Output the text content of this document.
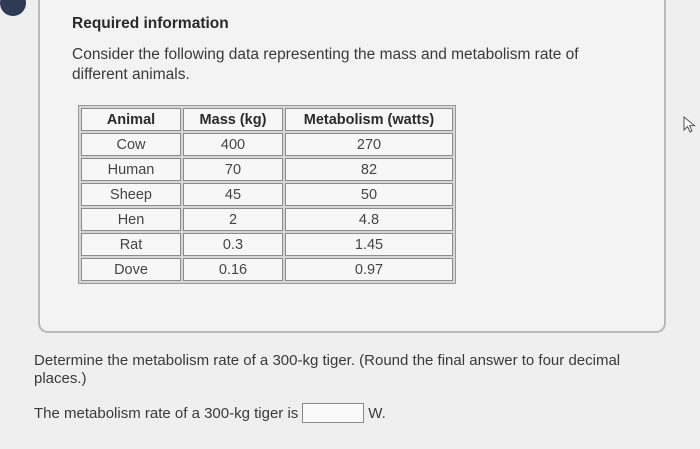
Required information
Consider the following data representing the mass and metabolism rate of different animals.
Animal	Mass (kg)	Metabolism (watts)
Cow	400	270
Human	70	82
Sheep	45	50
Hen	2	4.8
Rat	0.3	1.45
Dove	0.16	0.97
Determine the metabolism rate of a 300-kg tiger. (Round the final answer to four decimal places.)
The metabolism rate of a 300-kg tiger is	W.
